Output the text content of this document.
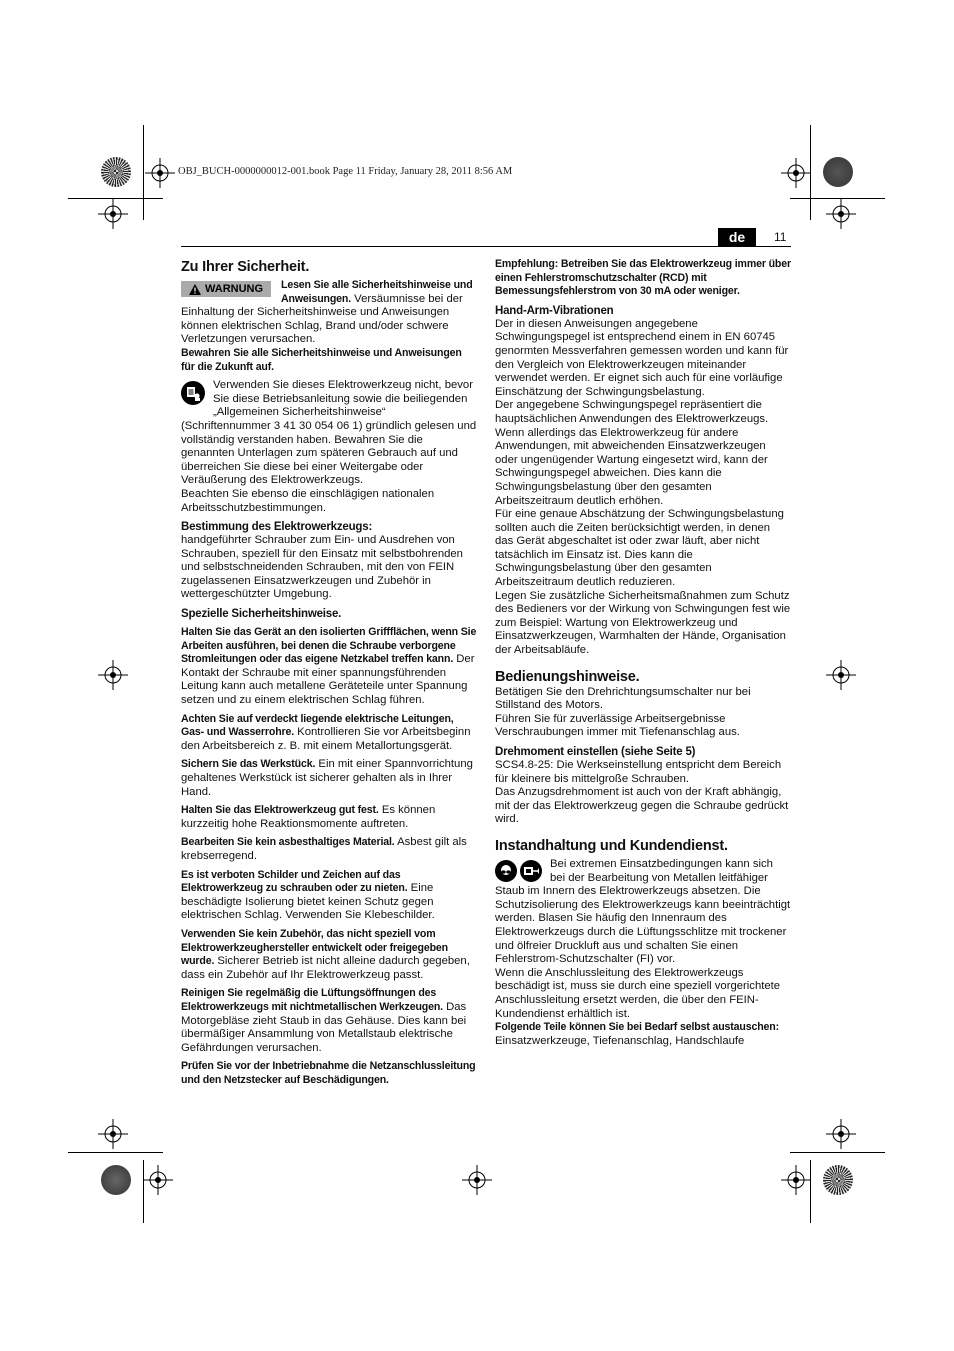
OBJ_BUCH-0000000012-001.book Page 11 Friday, January 28, 2011 8:56 AM
de	11
Zu Ihrer Sicherheit.

WARNUNG Lesen Sie alle Sicherheitshinweise und Anweisungen. Versäumnisse bei der Einhaltung der Sicherheitshinweise und Anweisungen können elektrischen Schlag, Brand und/oder schwere Verletzungen verursachen.

Bewahren Sie alle Sicherheitshinweise und Anweisungen für die Zukunft auf.

Verwenden Sie dieses Elektrowerkzeug nicht, bevor Sie diese Betriebsanleitung sowie die beiliegenden „Allgemeinen Sicherheitshinweise“ (Schriftennummer 3 41 30 054 06 1) gründlich gelesen und vollständig verstanden haben. Bewahren Sie die genannten Unterlagen zum späteren Gebrauch auf und überreichen Sie diese bei einer Weitergabe oder Veräußerung des Elektrowerkzeugs.

Beachten Sie ebenso die einschlägigen nationalen Arbeitsschutzbestimmungen.

Bestimmung des Elektrowerkzeugs:

handgeführter Schrauber zum Ein- und Ausdrehen von Schrauben, speziell für den Einsatz mit selbstbohrenden und selbstschneidenden Schrauben, mit den von FEIN zugelassenen Einsatzwerkzeugen und Zubehör in wettergeschützter Umgebung.

Spezielle Sicherheitshinweise.

Halten Sie das Gerät an den isolierten Griffflächen, wenn Sie Arbeiten ausführen, bei denen die Schraube verborgene Stromleitungen oder das eigene Netzkabel treffen kann. Der Kontakt der Schraube mit einer spannungsführenden Leitung kann auch metallene Geräteteile unter Spannung setzen und zu einem elektrischen Schlag führen.

Achten Sie auf verdeckt liegende elektrische Leitungen, Gas- und Wasserrohre. Kontrollieren Sie vor Arbeitsbeginn den Arbeitsbereich z. B. mit einem Metallortungsgerät.

Sichern Sie das Werkstück. Ein mit einer Spannvorrichtung gehaltenes Werkstück ist sicherer gehalten als in Ihrer Hand.

Halten Sie das Elektrowerkzeug gut fest. Es können kurzzeitig hohe Reaktionsmomente auftreten.

Bearbeiten Sie kein asbesthaltiges Material. Asbest gilt als krebserregend.

Es ist verboten Schilder und Zeichen auf das Elektrowerkzeug zu schrauben oder zu nieten. Eine beschädigte Isolierung bietet keinen Schutz gegen elektrischen Schlag. Verwenden Sie Klebeschilder.

Verwenden Sie kein Zubehör, das nicht speziell vom Elektrowerkzeughersteller entwickelt oder freigegeben wurde. Sicherer Betrieb ist nicht alleine dadurch gegeben, dass ein Zubehör auf Ihr Elektrowerkzeug passt.

Reinigen Sie regelmäßig die Lüftungsöffnungen des Elektrowerkzeugs mit nichtmetallischen Werkzeugen. Das Motorgebläse zieht Staub in das Gehäuse. Dies kann bei übermäßiger Ansammlung von Metallstaub elektrische Gefährdungen verursachen.

Prüfen Sie vor der Inbetriebnahme die Netzanschlussleitung und den Netzstecker auf Beschädigungen.

Empfehlung: Betreiben Sie das Elektrowerkzeug immer über einen Fehlerstromschutzschalter (RCD) mit Bemessungsfehlerstrom von 30 mA oder weniger.

Hand-Arm-Vibrationen

Der in diesen Anweisungen angegebene Schwingungspegel ist entsprechend einem in EN 60745 genormten Messverfahren gemessen worden und kann für den Vergleich von Elektrowerkzeugen miteinander verwendet werden. Er eignet sich auch für eine vorläufige Einschätzung der Schwingungsbelastung.

Der angegebene Schwingungspegel repräsentiert die hauptsächlichen Anwendungen des Elektrowerkzeugs. Wenn allerdings das Elektrowerkzeug für andere Anwendungen, mit abweichenden Einsatzwerkzeugen oder ungenügender Wartung eingesetzt wird, kann der Schwingungspegel abweichen. Dies kann die Schwingungsbelastung über den gesamten Arbeitszeitraum deutlich erhöhen.

Für eine genaue Abschätzung der Schwingungsbelastung sollten auch die Zeiten berücksichtigt werden, in denen das Gerät abgeschaltet ist oder zwar läuft, aber nicht tatsächlich im Einsatz ist. Dies kann die Schwingungsbelastung über den gesamten Arbeitszeitraum deutlich reduzieren.

Legen Sie zusätzliche Sicherheitsmaßnahmen zum Schutz des Bedieners vor der Wirkung von Schwingungen fest wie zum Beispiel: Wartung von Elektrowerkzeug und Einsatzwerkzeugen, Warmhalten der Hände, Organisation der Arbeitsabläufe.

Bedienungshinweise.

Betätigen Sie den Drehrichtungsumschalter nur bei Stillstand des Motors.

Führen Sie für zuverlässige Arbeitsergebnisse Verschraubungen immer mit Tiefenanschlag aus.

Drehmoment einstellen (siehe Seite 5)

SCS4.8-25: Die Werkseinstellung entspricht dem Bereich für kleinere bis mittelgroße Schrauben.

Das Anzugsdrehmoment ist auch von der Kraft abhängig, mit der das Elektrowerkzeug gegen die Schraube gedrückt wird.

Instandhaltung und Kundendienst.

Bei extremen Einsatzbedingungen kann sich bei der Bearbeitung von Metallen leitfähiger Staub im Innern des Elektrowerkzeugs absetzen. Die Schutzisolierung des Elektrowerkzeugs kann beeinträchtigt werden. Blasen Sie häufig den Innenraum des Elektrowerkzeugs durch die Lüftungsschlitze mit trockener und ölfreier Druckluft aus und schalten Sie einen Fehlerstrom-Schutzschalter (FI) vor.

Wenn die Anschlussleitung des Elektrowerkzeugs beschädigt ist, muss sie durch eine speziell vorgerichtete Anschlussleitung ersetzt werden, die über den FEIN-Kundendienst erhältlich ist.

Folgende Teile können Sie bei Bedarf selbst austauschen:

Einsatzwerkzeuge, Tiefenanschlag, Handschlaufe
